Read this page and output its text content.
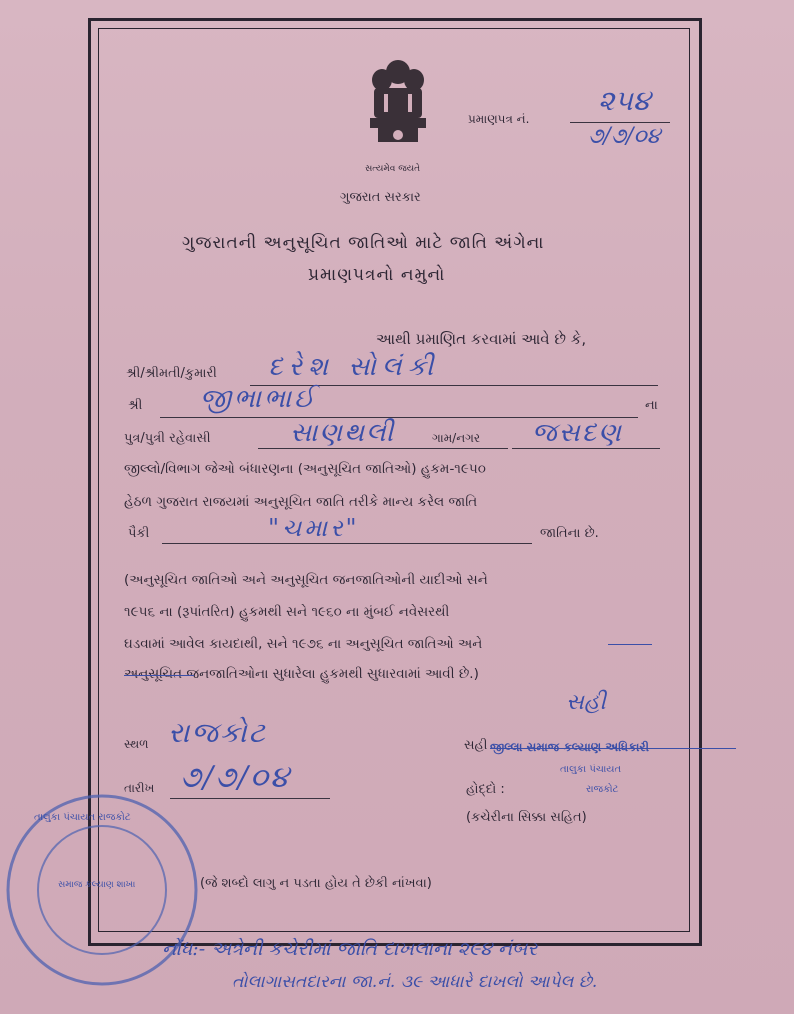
સત્યમેવ જયતે
પ્રમાણપત્ર નં.
૨૫૪
૭/૭/૦૪
ગુજરાત સરકાર
ગુજરાતની અનુસૂચિત જાતિઓ માટે જાતિ અંગેના
પ્રમાણપત્રનો નમુનો
આથી પ્રમાણિત કરવામાં આવે છે કે,
શ્રી/શ્રીમતી/કુમારી દરેશ સોલંકી
શ્રી જીભાભાઈ	ના
પુત્ર/પુત્રી રહેવાસી	સાણથલી	ગામ/નગર જસદણ
જીલ્લો/વિભાગ જેઓ બંધારણના (અનુસૂચિત જાતિઓ) હુકમ-૧૯૫૦
હેઠળ ગુજરાત રાજયમાં અનુસૂચિત જાતિ તરીકે માન્ય કરેલ જાતિ
પૈકી	"ચમાર"	જાતિના છે.
(અનુસૂચિત જાતિઓ અને અનુસૂચિત જનજાતિઓની યાદીઓ સને
૧૯૫૬ ના (રૂપાંતરિત) હુકમથી સને ૧૯૬૦ ના મુંબઈ નવેસરથી
ઘડવામાં આવેલ કાયદાથી, સને ૧૯૭૬ ના અનુસૂચિત જાતિઓ અને
અનુસૂચિત જનજાતિઓના સુધારેલા હુકમથી સુધારવામાં આવી છે.)
સ્થળ રાજકોટ
તારીખ ૭/૭/૦૪
સહી
સહી જીલ્લા સમાજ કલ્યાણ અધિકારી
તાલુકા પંચાયત
રાજકોટ
હોદ્દો :
(કચેરીના સિક્કા સહિત)
તાલુકા પંચાયત રાજકોટ
સમાજ કલ્યાણ શાખા	(જે શબ્દો લાગુ ન પડતા હોય તે છેકી નાંખવા)
નોંધ:- અત્રેની કચેરીમાં જાતિ દાખલાના ૨૯૪ નંબર
તોલાગાસતદારના જા.નં. ૩૯ આધારે દાખલો આપેલ છે.
